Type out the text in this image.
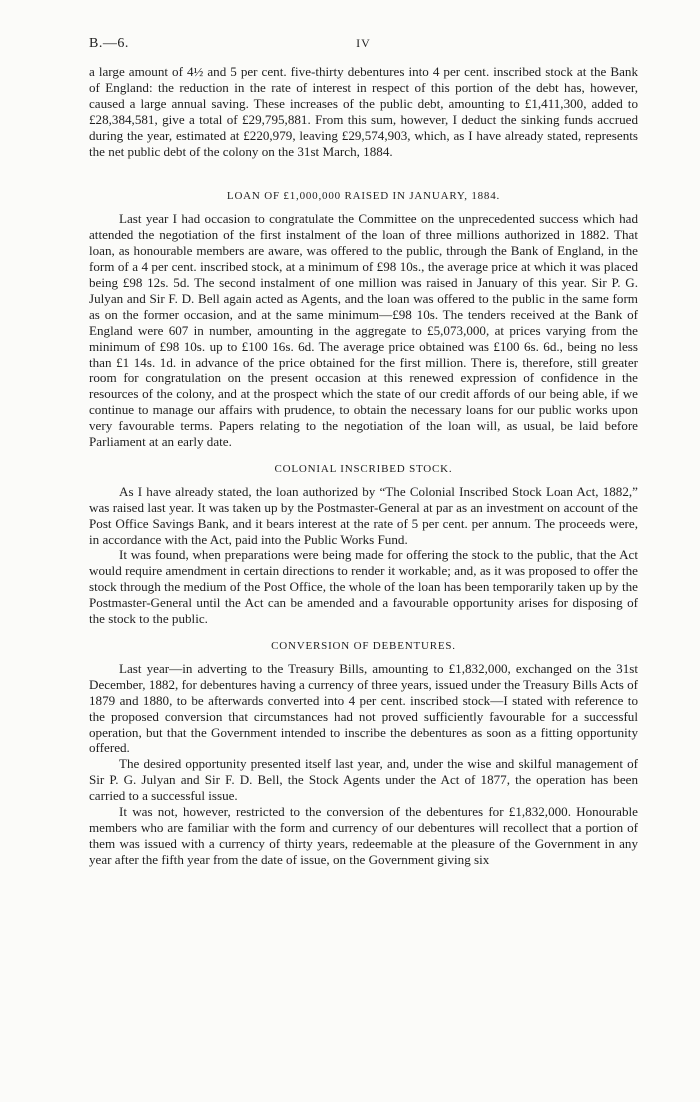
B.—6.	IV

a large amount of 4½ and 5 per cent. five-thirty debentures into 4 per cent. inscribed stock at the Bank of England: the reduction in the rate of interest in respect of this portion of the debt has, however, caused a large annual saving. These increases of the public debt, amounting to £1,411,300, added to £28,384,581, give a total of £29,795,881. From this sum, however, I deduct the sinking funds accrued during the year, estimated at £220,979, leaving £29,574,903, which, as I have already stated, represents the net public debt of the colony on the 31st March, 1884.

LOAN OF £1,000,000 RAISED IN JANUARY, 1884.

Last year I had occasion to congratulate the Committee on the unprecedented success which had attended the negotiation of the first instalment of the loan of three millions authorized in 1882. That loan, as honourable members are aware, was offered to the public, through the Bank of England, in the form of a 4 per cent. inscribed stock, at a minimum of £98 10s., the average price at which it was placed being £98 12s. 5d. The second instalment of one million was raised in January of this year. Sir P. G. Julyan and Sir F. D. Bell again acted as Agents, and the loan was offered to the public in the same form as on the former occasion, and at the same minimum—£98 10s. The tenders received at the Bank of England were 607 in number, amounting in the aggregate to £5,073,000, at prices varying from the minimum of £98 10s. up to £100 16s. 6d. The average price obtained was £100 6s. 6d., being no less than £1 14s. 1d. in advance of the price obtained for the first million. There is, therefore, still greater room for congratulation on the present occasion at this renewed expression of confidence in the resources of the colony, and at the prospect which the state of our credit affords of our being able, if we continue to manage our affairs with prudence, to obtain the necessary loans for our public works upon very favourable terms. Papers relating to the negotiation of the loan will, as usual, be laid before Parliament at an early date.

COLONIAL INSCRIBED STOCK.

As I have already stated, the loan authorized by “The Colonial Inscribed Stock Loan Act, 1882,” was raised last year. It was taken up by the Postmaster-General at par as an investment on account of the Post Office Savings Bank, and it bears interest at the rate of 5 per cent. per annum. The proceeds were, in accordance with the Act, paid into the Public Works Fund.

It was found, when preparations were being made for offering the stock to the public, that the Act would require amendment in certain directions to render it workable; and, as it was proposed to offer the stock through the medium of the Post Office, the whole of the loan has been temporarily taken up by the Postmaster-General until the Act can be amended and a favourable opportunity arises for disposing of the stock to the public.

CONVERSION OF DEBENTURES.

Last year—in adverting to the Treasury Bills, amounting to £1,832,000, exchanged on the 31st December, 1882, for debentures having a currency of three years, issued under the Treasury Bills Acts of 1879 and 1880, to be afterwards converted into 4 per cent. inscribed stock—I stated with reference to the proposed conversion that circumstances had not proved sufficiently favourable for a successful operation, but that the Government intended to inscribe the debentures as soon as a fitting opportunity offered.

The desired opportunity presented itself last year, and, under the wise and skilful management of Sir P. G. Julyan and Sir F. D. Bell, the Stock Agents under the Act of 1877, the operation has been carried to a successful issue.

It was not, however, restricted to the conversion of the debentures for £1,832,000. Honourable members who are familiar with the form and currency of our debentures will recollect that a portion of them was issued with a currency of thirty years, redeemable at the pleasure of the Government in any year after the fifth year from the date of issue, on the Government giving six
